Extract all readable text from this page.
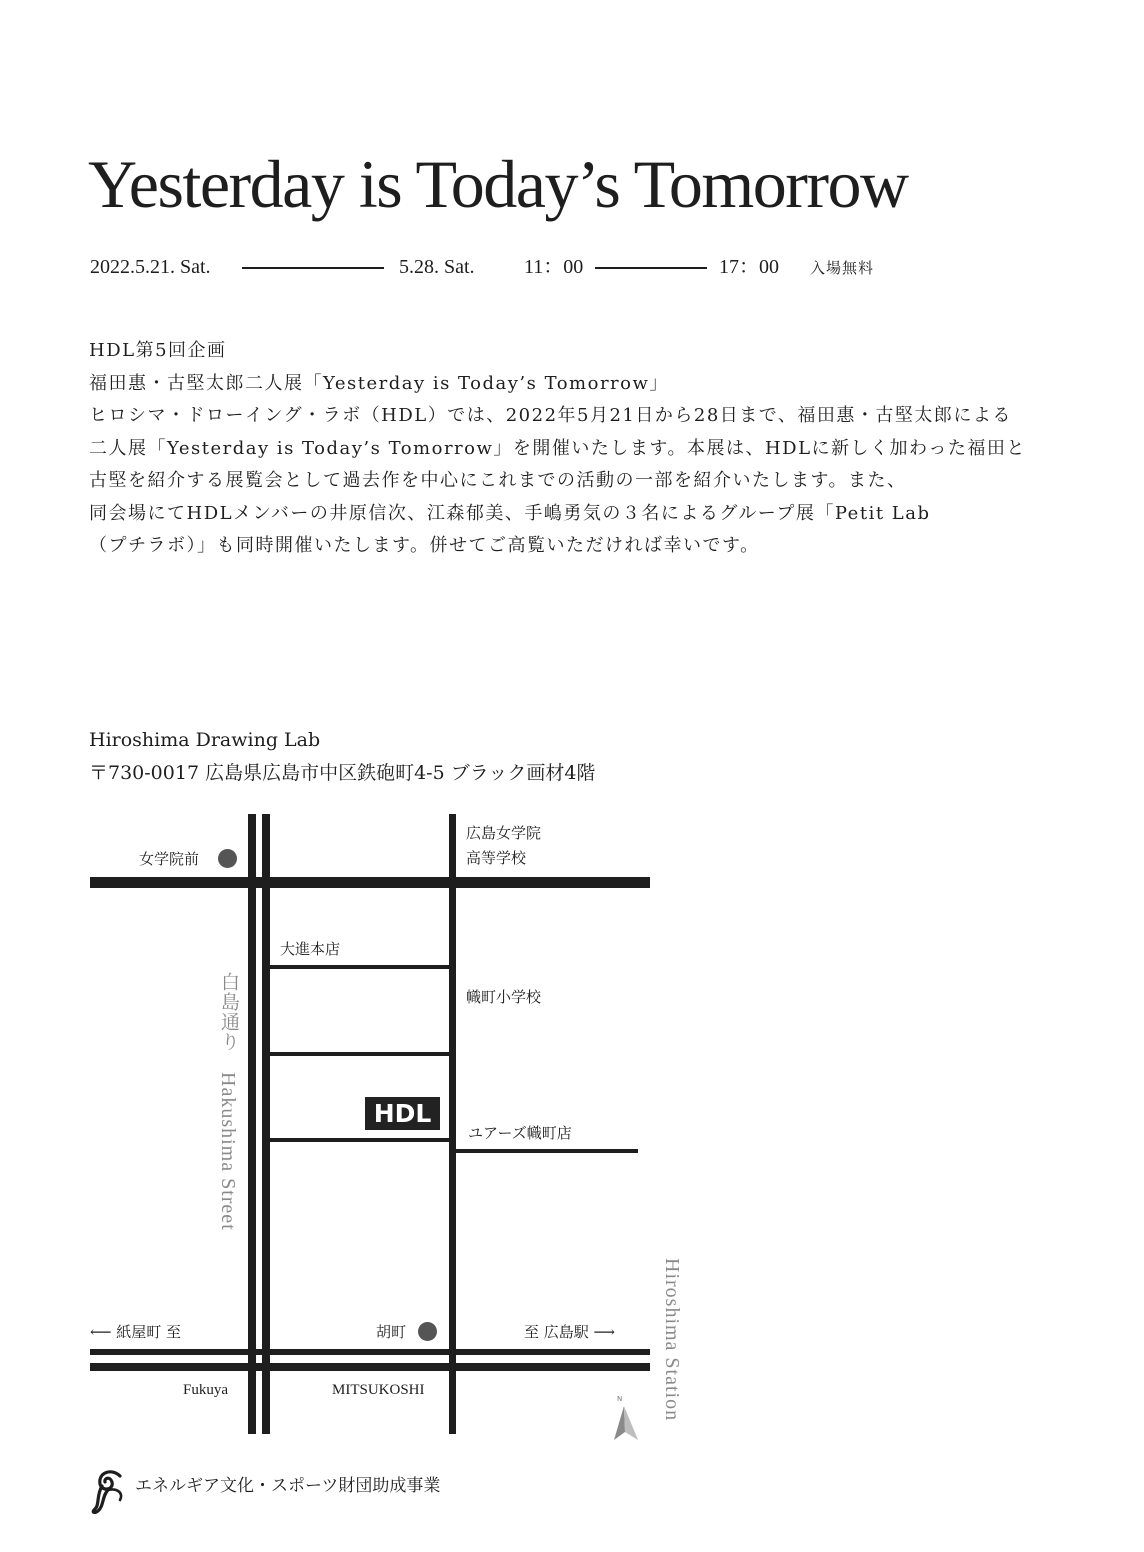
Yesterday is Today’s Tomorrow
2022.5.21. Sat.	5.28. Sat. 11：00	17：00 入場無料
HDL第5回企画
福田惠・古堅太郎二人展「Yesterday is Today’s Tomorrow」
ヒロシマ・ドローイング・ラボ（HDL）では、2022年5月21日から28日まで、福田惠・古堅太郎による
二人展「Yesterday is Today’s Tomorrow」を開催いたします。本展は、HDLに新しく加わった福田と
古堅を紹介する展覧会として過去作を中心にこれまでの活動の一部を紹介いたします。また、
同会場にてHDLメンバーの井原信次、江森郁美、手嶋勇気の３名によるグループ展「Petit Lab
（プチラボ）」も同時開催いたします。併せてご高覧いただければ幸いです。
Hiroshima Drawing Lab
〒730‑0017 広島県広島市中区鉄砲町4‑5 ブラック画材4階
女学院前
広島女学院
高等学校
大進本店
幟町小学校
HDL
ユアーズ幟町店
白島通り
Hakushima Street
Hiroshima Station
⟵ 紙屋町 至	胡町	至 広島駅 ⟶
Fukuya	MITSUKOSHI
N
エネルギア文化・スポーツ財団助成事業
